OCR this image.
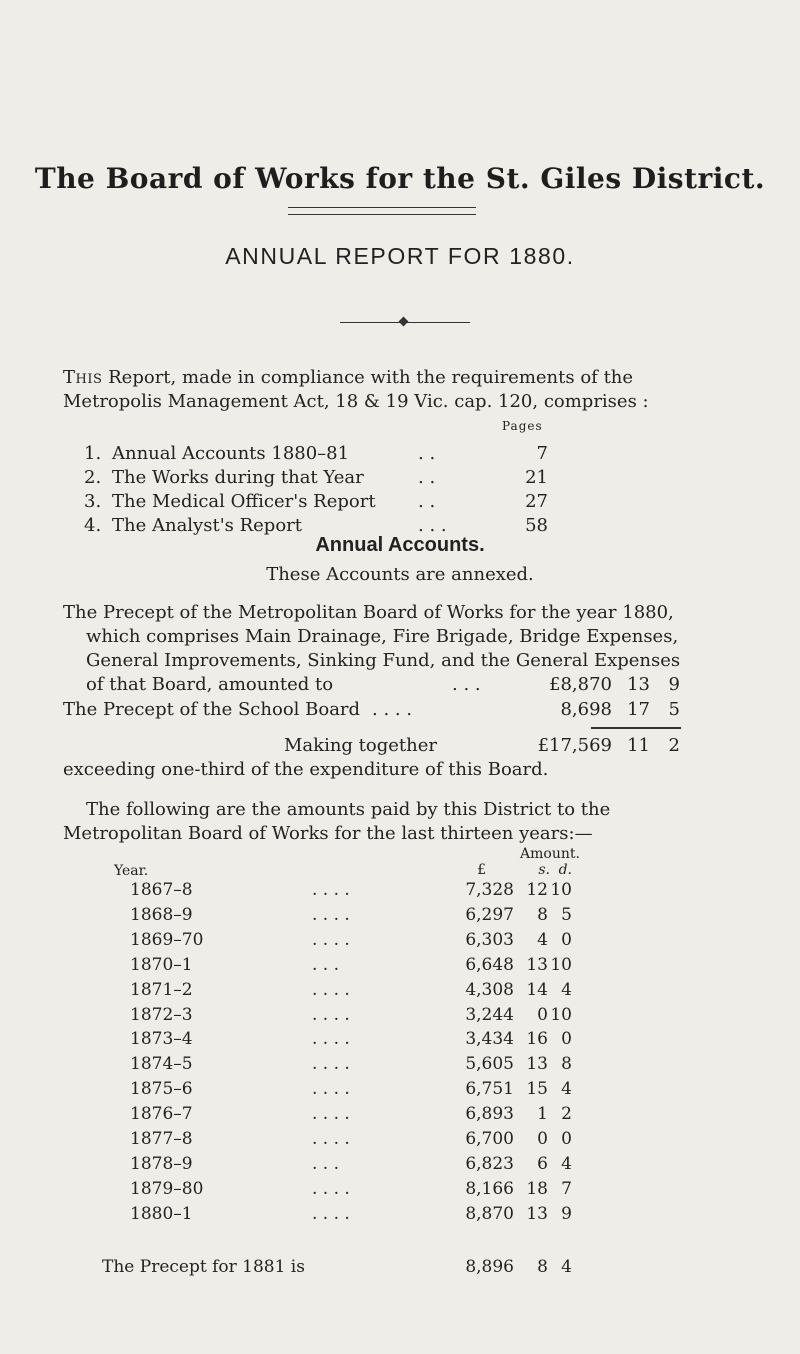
The Board of Works for the St. Giles District.
ANNUAL REPORT FOR 1880.
This Report, made in compliance with the requirements of the
Metropolis Management Act, 18 & 19 Vic. cap. 120, comprises :
Pages
1. Annual Accounts 1880–81	. .	7
2. The Works during that Year	. .	21
3. The Medical Officer's Report . .	27
4. The Analyst's Report	. . .	58
Annual Accounts.
These Accounts are annexed.
The Precept of the Metropolitan Board of Works for the year 1880,
which comprises Main Drainage, Fire Brigade, Bridge Expenses,
General Improvements, Sinking Fund, and the General Expenses
of that Board, amounted to	. . .	£8,870 13	9
The Precept of the School Board . . . .	8,698 17	5
Making together	£17,569 11	2
exceeding one-third of the expenditure of this Board.
The following are the amounts paid by this District to the
Metropolitan Board of Works for the last thirteen years:—
Amount.
Year.	£	s. d.
1867–8	. . . .	7,328 12 10
1868–9	. . . .	6,297	8 5
1869–70	. . . .	6,303	4 0
1870–1	. . .	6,648 13 10
1871–2	. . . .	4,308 14 4
1872–3	. . . .	3,244	0 10
1873–4	. . . .	3,434 16 0
1874–5	. . . .	5,605 13 8
1875–6	. . . .	6,751 15 4
1876–7	. . . .	6,893	1 2
1877–8	. . . .	6,700	0 0
1878–9	. . .	6,823	6 4
1879–80	. . . .	8,166 18 7
1880–1	. . . .	8,870 13 9
The Precept for 1881 is	8,896	8 4
